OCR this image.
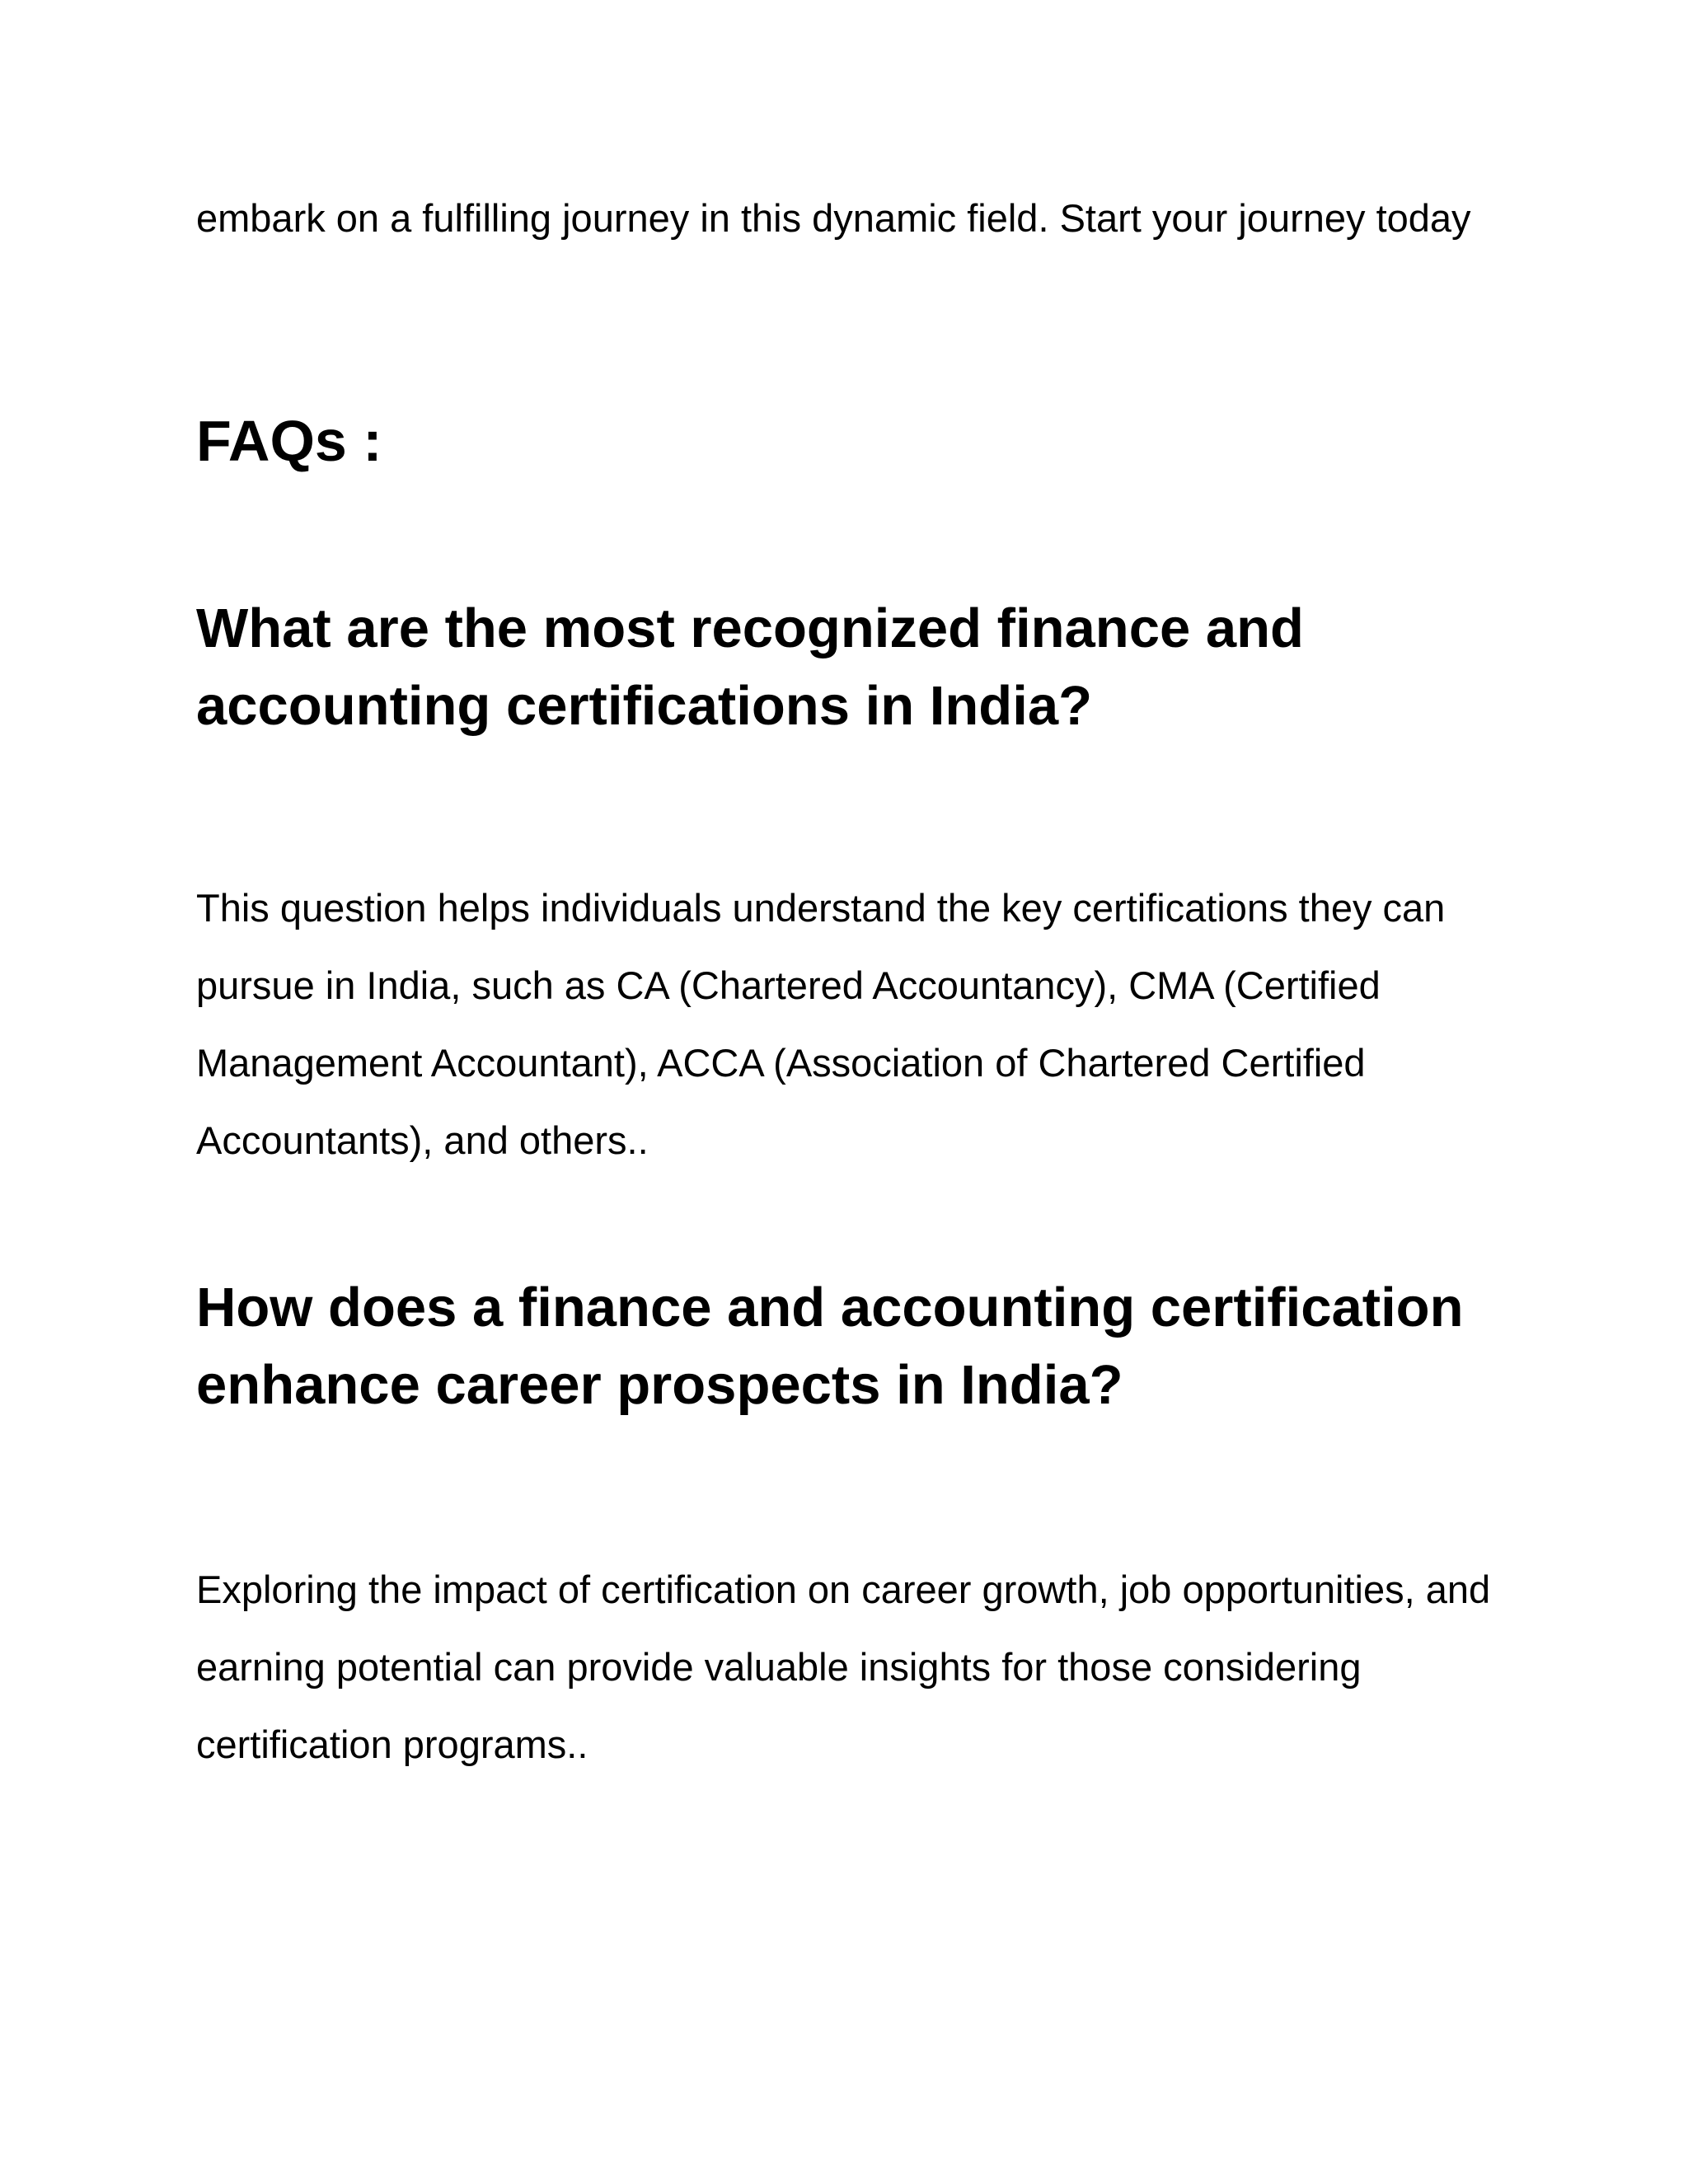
embark on a fulfilling journey in this dynamic field. Start your journey today

FAQs :
What are the most recognized finance and accounting certifications in India?

This question helps individuals understand the key certifications they can pursue in India, such as CA (Chartered Accountancy), CMA (Certified Management Accountant), ACCA (Association of Chartered Certified Accountants), and others..

How does a finance and accounting certification enhance career prospects in India?

Exploring the impact of certification on career growth, job opportunities, and earning potential can provide valuable insights for those considering certification programs..
